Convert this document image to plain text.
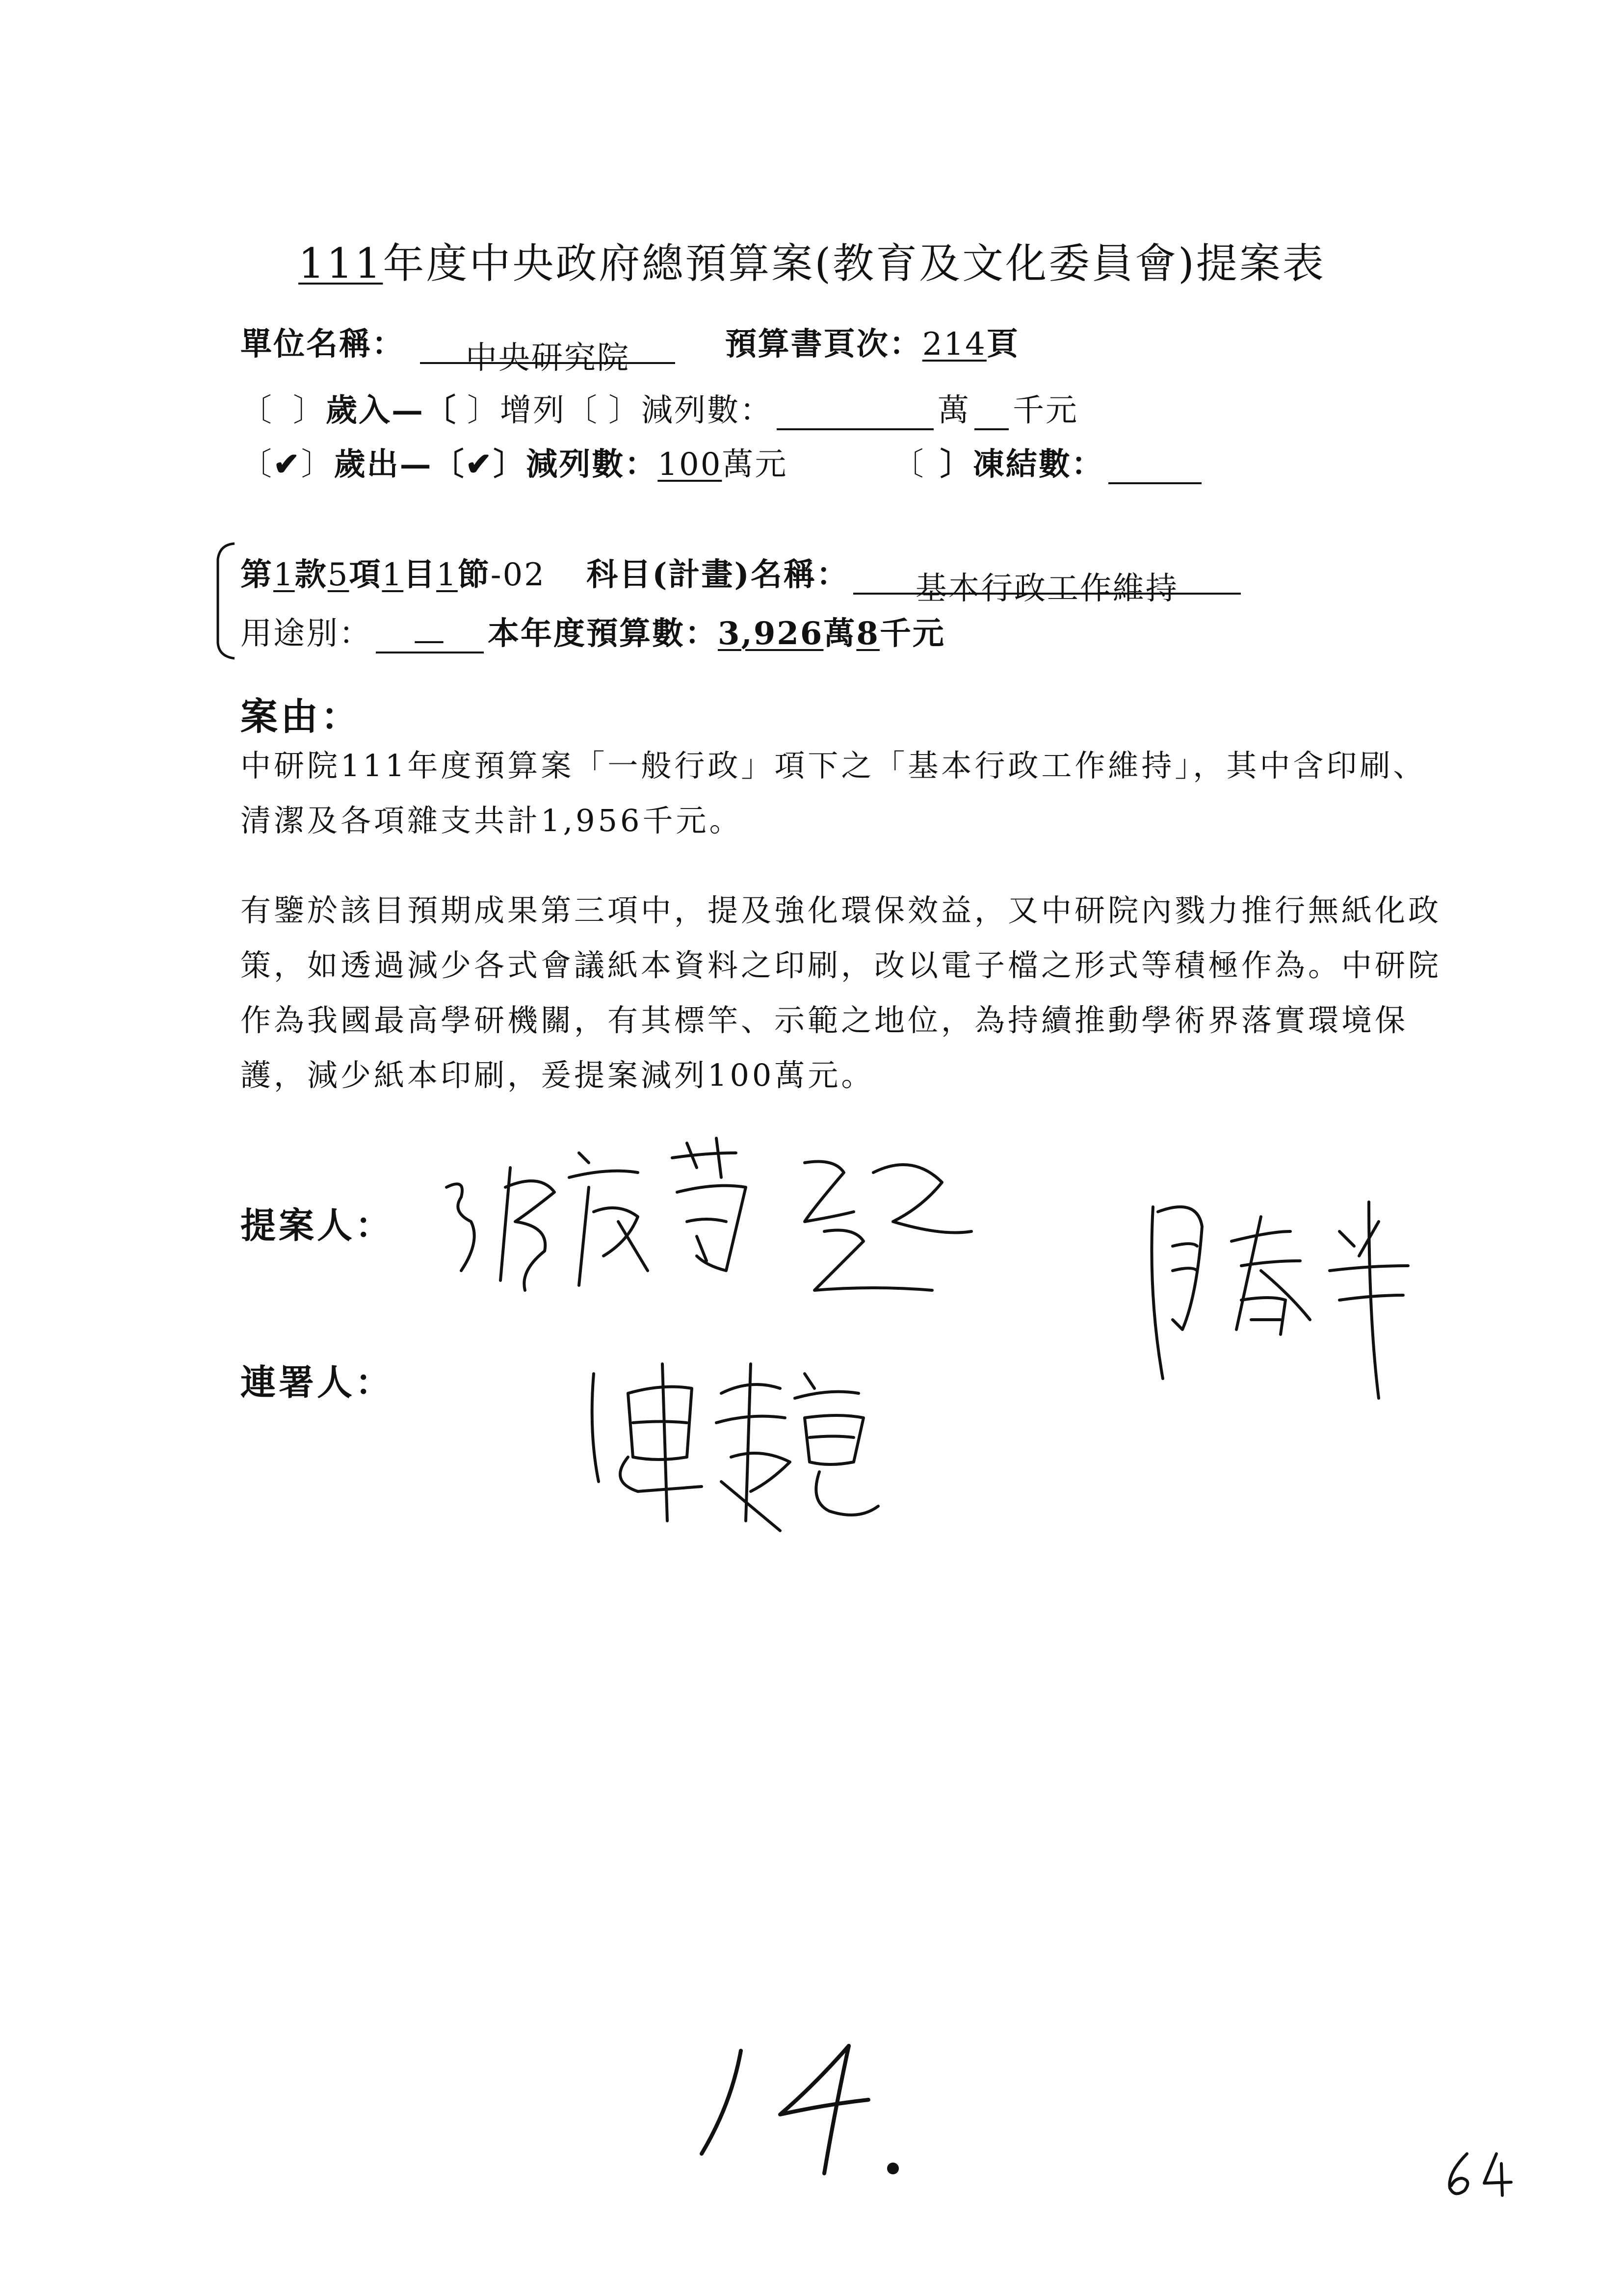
111年度中央政府總預算案(教育及文化委員會)提案表
單位名稱： 中央研究院	預算書頁次：214頁
〔 〕歲入—〔 〕增列〔 〕減列數：	萬 千元
〔✔〕歲出—〔✔〕減列數：100萬元	〔 〕凍結數：
第1款5項1目1節-02 科目(計畫)名稱： 基本行政工作維持
用途別： — 本年度預算數：3,926萬8千元
案由：
中研院111年度預算案「一般行政」項下之「基本行政工作維持」，其中含印刷、清潔及各項雜支共計1,956千元。
有鑒於該目預期成果第三項中，提及強化環保效益，又中研院內戮力推行無紙化政策，如透過減少各式會議紙本資料之印刷，改以電子檔之形式等積極作為。中研院作為我國最高學研機關，有其標竿、示範之地位，為持續推動學術界落實環境保護，減少紙本印刷，爰提案減列100萬元。
提案人：
連署人：
